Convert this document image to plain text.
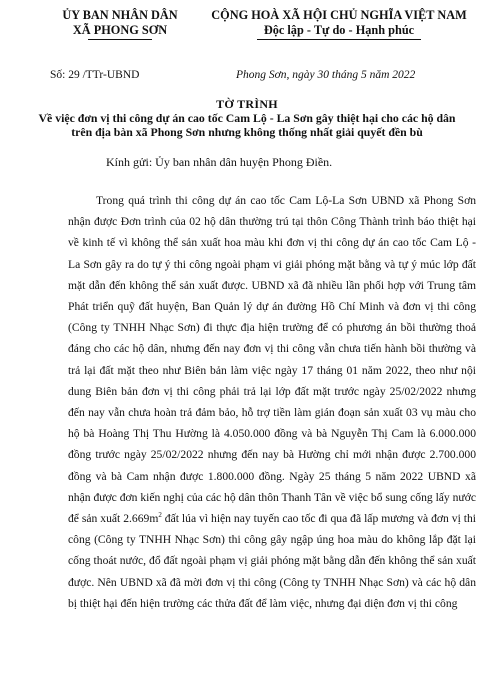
ỦY BAN NHÂN DÂN
XÃ PHONG SƠN
CỘNG HOÀ XÃ HỘI CHỦ NGHĨA VIỆT NAM
Độc lập - Tự do - Hạnh phúc
Số: 29 /TTr-UBND	Phong Sơn, ngày 30 tháng 5 năm 2022
TỜ TRÌNH
Về việc đơn vị thi công dự án cao tốc Cam Lộ - La Sơn gây thiệt hại cho các hộ dân trên địa bàn xã Phong Sơn nhưng không thống nhất giải quyết đền bù
Kính gửi: Ủy ban nhân dân huyện Phong Điền.

Trong quá trình thi công dự án cao tốc Cam Lộ-La Sơn UBND xã Phong Sơn nhận được Đơn trình của 02 hộ dân thường trú tại thôn Công Thành trình báo thiệt hại về kinh tế vì không thể sản xuất hoa màu khi đơn vị thi công dự án cao tốc Cam Lộ - La Sơn gây ra do tự ý thi công ngoài phạm vi giải phóng mặt bằng và tự ý múc lớp đất mặt dẫn đến không thể sản xuất được. UBND xã đã nhiều lần phối hợp với Trung tâm Phát triển quỹ đất huyện, Ban Quản lý dự án đường Hồ Chí Minh và đơn vị thi công (Công ty TNHH Nhạc Sơn) đi thực địa hiện trường để có phương án bồi thường thoả đáng cho các hộ dân, nhưng đến nay đơn vị thi công vẫn chưa tiến hành bồi thường và trả lại đất mặt theo như Biên bản làm việc ngày 17 tháng 01 năm 2022, theo như nội dung Biên bản đơn vị thi công phải trả lại lớp đất mặt trước ngày 25/02/2022 nhưng đến nay vẫn chưa hoàn trả đảm bảo, hỗ trợ tiền làm gián đoạn sản xuất 03 vụ màu cho hộ bà Hoàng Thị Thu Hường là 4.050.000 đồng và bà Nguyễn Thị Cam là 6.000.000 đồng trước ngày 25/02/2022 nhưng đến nay bà Hường chỉ mới nhận được 2.700.000 đồng và bà Cam nhận được 1.800.000 đồng. Ngày 25 tháng 5 năm 2022 UBND xã nhận được đơn kiến nghị của các hộ dân thôn Thanh Tân về việc bổ sung cống lấy nước để sản xuất $2.669m^2$ đất lúa vì hiện nay tuyến cao tốc đi qua đã lấp mương và đơn vị thi công (Công ty TNHH Nhạc Sơn) thi công gây ngập úng hoa màu do không lắp đặt lại cống thoát nước, đổ đất ngoài phạm vị giải phóng mặt bằng dẫn đến không thể sản xuất được. Nên UBND xã đã mời đơn vị thi công (Công ty TNHH Nhạc Sơn) và các hộ dân bị thiệt hại đến hiện trường các thửa đất để làm việc, nhưng đại diện đơn vị thi công
